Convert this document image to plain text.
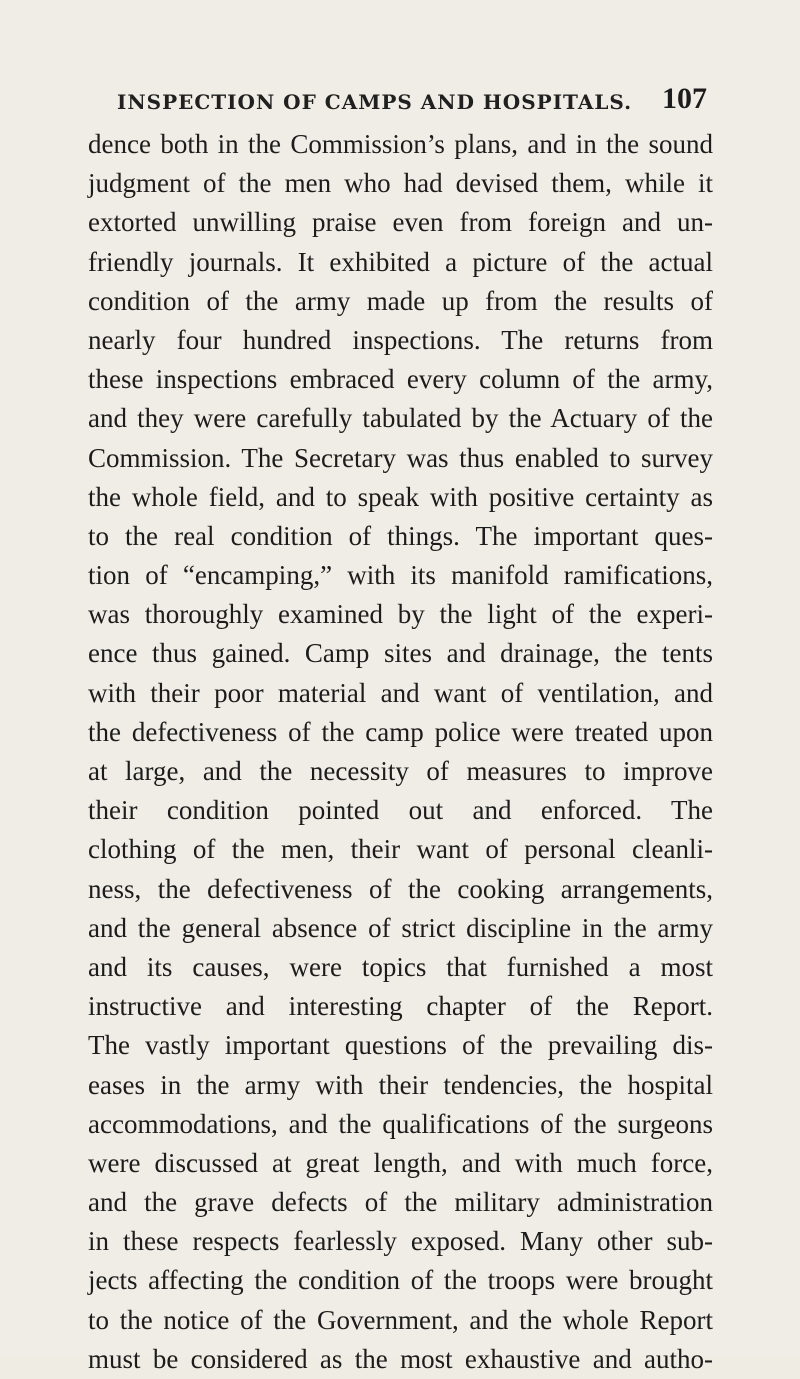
INSPECTION OF CAMPS AND HOSPITALS. 107
dence both in the Commission’s plans, and in the sound
judgment of the men who had devised them, while it
extorted unwilling praise even from foreign and un-
friendly journals. It exhibited a picture of the actual
condition of the army made up from the results of
nearly four hundred inspections. The returns from
these inspections embraced every column of the army,
and they were carefully tabulated by the Actuary of the
Commission. The Secretary was thus enabled to survey
the whole field, and to speak with positive certainty as
to the real condition of things. The important ques-
tion of “encamping,” with its manifold ramifications,
was thoroughly examined by the light of the experi-
ence thus gained. Camp sites and drainage, the tents
with their poor material and want of ventilation, and
the defectiveness of the camp police were treated upon
at large, and the necessity of measures to improve
their condition pointed out and enforced. The
clothing of the men, their want of personal cleanli-
ness, the defectiveness of the cooking arrangements,
and the general absence of strict discipline in the army
and its causes, were topics that furnished a most
instructive and interesting chapter of the Report.
The vastly important questions of the prevailing dis-
eases in the army with their tendencies, the hospital
accommodations, and the qualifications of the surgeons
were discussed at great length, and with much force,
and the grave defects of the military administration
in these respects fearlessly exposed. Many other sub-
jects affecting the condition of the troops were brought
to the notice of the Government, and the whole Report
must be considered as the most exhaustive and autho-
